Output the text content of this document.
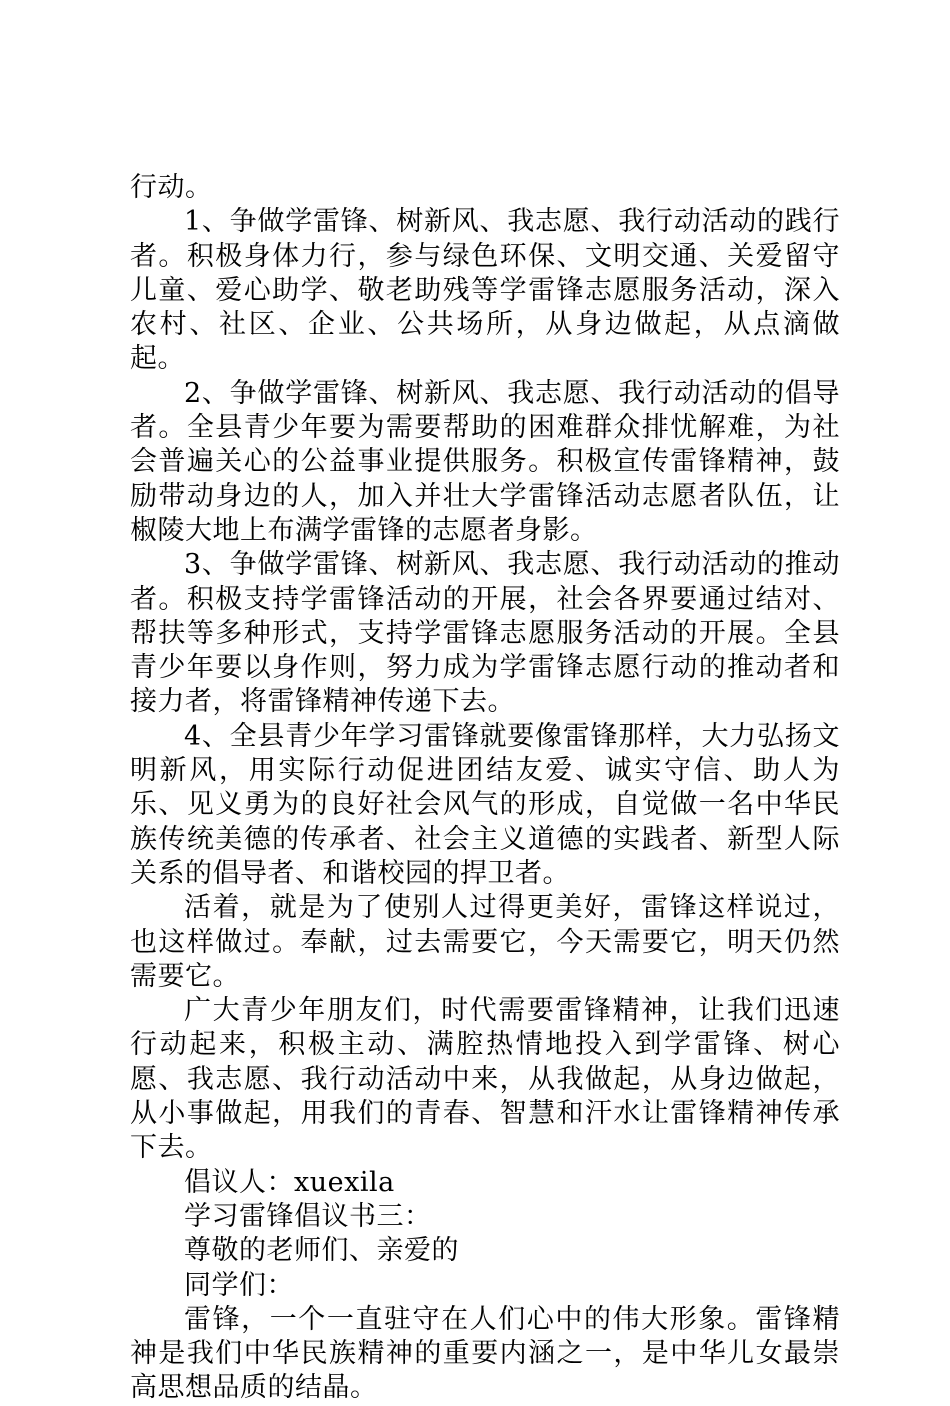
行动。

1、争做学雷锋、树新风、我志愿、我行动活动的践行者。积极身体力行，参与绿色环保、文明交通、关爱留守儿童、爱心助学、敬老助残等学雷锋志愿服务活动，深入农村、社区、企业、公共场所，从身边做起，从点滴做起。

2、争做学雷锋、树新风、我志愿、我行动活动的倡导者。全县青少年要为需要帮助的困难群众排忧解难，为社会普遍关心的公益事业提供服务。积极宣传雷锋精神，鼓励带动身边的人，加入并壮大学雷锋活动志愿者队伍，让椒陵大地上布满学雷锋的志愿者身影。

3、争做学雷锋、树新风、我志愿、我行动活动的推动者。积极支持学雷锋活动的开展，社会各界要通过结对、帮扶等多种形式，支持学雷锋志愿服务活动的开展。全县青少年要以身作则，努力成为学雷锋志愿行动的推动者和接力者，将雷锋精神传递下去。

4、全县青少年学习雷锋就要像雷锋那样，大力弘扬文明新风，用实际行动促进团结友爱、诚实守信、助人为乐、见义勇为的良好社会风气的形成，自觉做一名中华民族传统美德的传承者、社会主义道德的实践者、新型人际关系的倡导者、和谐校园的捍卫者。

活着，就是为了使别人过得更美好，雷锋这样说过，也这样做过。奉献，过去需要它，今天需要它，明天仍然需要它。

广大青少年朋友们，时代需要雷锋精神，让我们迅速行动起来，积极主动、满腔热情地投入到学雷锋、树心愿、我志愿、我行动活动中来，从我做起，从身边做起，从小事做起，用我们的青春、智慧和汗水让雷锋精神传承下去。

倡议人：xuexila

学习雷锋倡议书三：

尊敬的老师们、亲爱的

同学们：

雷锋，一个一直驻守在人们心中的伟大形象。雷锋精神是我们中华民族精神的重要内涵之一，是中华儿女最崇高思想品质的结晶。
